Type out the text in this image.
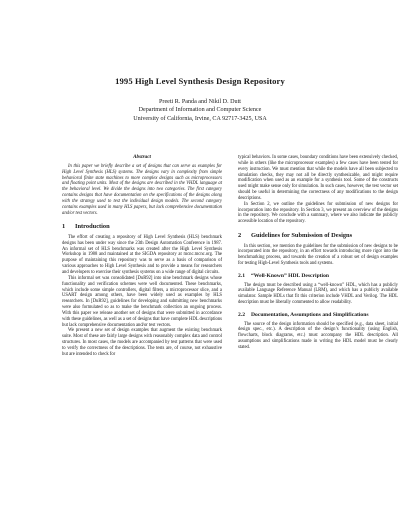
1995 High Level Synthesis Design Repository
Preeti R. Panda and Nikil D. Dutt
Department of Information and Computer Science
University of California, Irvine, CA 92717-3425, USA
Abstract

In this paper we briefly describe a set of designs that can serve as examples for High Level Synthesis (HLS) systems. The designs vary in complexity from simple behavioral finite state machines to more complex designs such as microprocessors and floating point units. Most of the designs are described in the VHDL language at the behavioral level. We divide the designs into two categories. The first category contains designs that have documentation on the specifications of the designs along with the strategy used to test the individual design models. The second category contains examples used in many HLS papers, but lack comprehensive documentation and/or test vectors.

1 Introduction

The effort of creating a repository of High Level Synthesis (HLS) benchmark designs has been under way since the 23th Design Automation Conference in 1987. An informal set of HLS benchmarks was created after the High Level Synthesis Workshop in 1988 and maintained at the SIGDA repository at mcnc.mcnc.org. The purpose of maintaining this repository was to serve as a basis of comparison of various approaches to High Level Synthesis and to provide a means for researchers and developers to exercise their synthesis systems on a wide range of digital circuits.

This informal set was consolidated [DuR92] into nine benchmark designs whose functionality and verification schemes were well documented. These benchmarks, which include some simple controllers, digital filters, a microprocessor slice, and a USART design among others, have been widely used as examples by HLS researchers. In [DuR92], guidelines for developing and submitting new benchmarks were also formulated so as to make the benchmark collection an ongoing process. With this paper we release another set of designs that were submitted in accordance with these guidelines, as well as a set of designs that have complete HDL descriptions but lack comprehensive documentation and/or test vectors.

We present a new set of design examples that augment the existing benchmark suite. Most of these are fairly large designs with reasonably complex data and control structures. In most cases, the models are accompanied by test patterns that were used to verify the correctness of the descriptions. The tests are, of course, not exhaustive but are intended to check for

typical behaviors. In some cases, boundary conditions have been extensively checked, while in others (like the microprocessor examples) a few cases have been tested for every instruction. We must mention that while the models have all been subjected to simulation checks, they may not all be directly synthesizable, and might require modification when used as an example for a synthesis tool. Some of the constructs used might make sense only for simulation. In such cases, however, the test vector set should be useful in determining the correctness of any modifications to the design descriptions.

In Section 2, we outline the guidelines for submission of new designs for incorporation into the repository. In Section 3, we present an overview of the designs in the repository. We conclude with a summary, where we also indicate the publicly accessible location of the repository.

2 Guidelines for Submission of Designs

In this section, we mention the guidelines for the submission of new designs to be incorporated into the repository, in an effort towards introducing more rigor into the benchmarking process, and towards the creation of a robust set of design examples for testing High-Level Synthesis tools and systems.

2.1 “Well-Known” HDL Description

The design must be described using a “well-known” HDL, which has a publicly available Language Reference Manual (LRM), and which has a publicly available simulator. Sample HDLs that fit this criterion include VHDL and Verilog. The HDL description must be liberally commented to allow readability.

2.2 Documentation, Assumptions and Simplifications

The source of the design information should be specified (e.g., data sheet, initial design spec., etc.). A description of the design’s functionality (using English, flowcharts, block diagrams, etc.) must accompany the HDL description. All assumptions and simplifications made in writing the HDL model must be clearly stated.
